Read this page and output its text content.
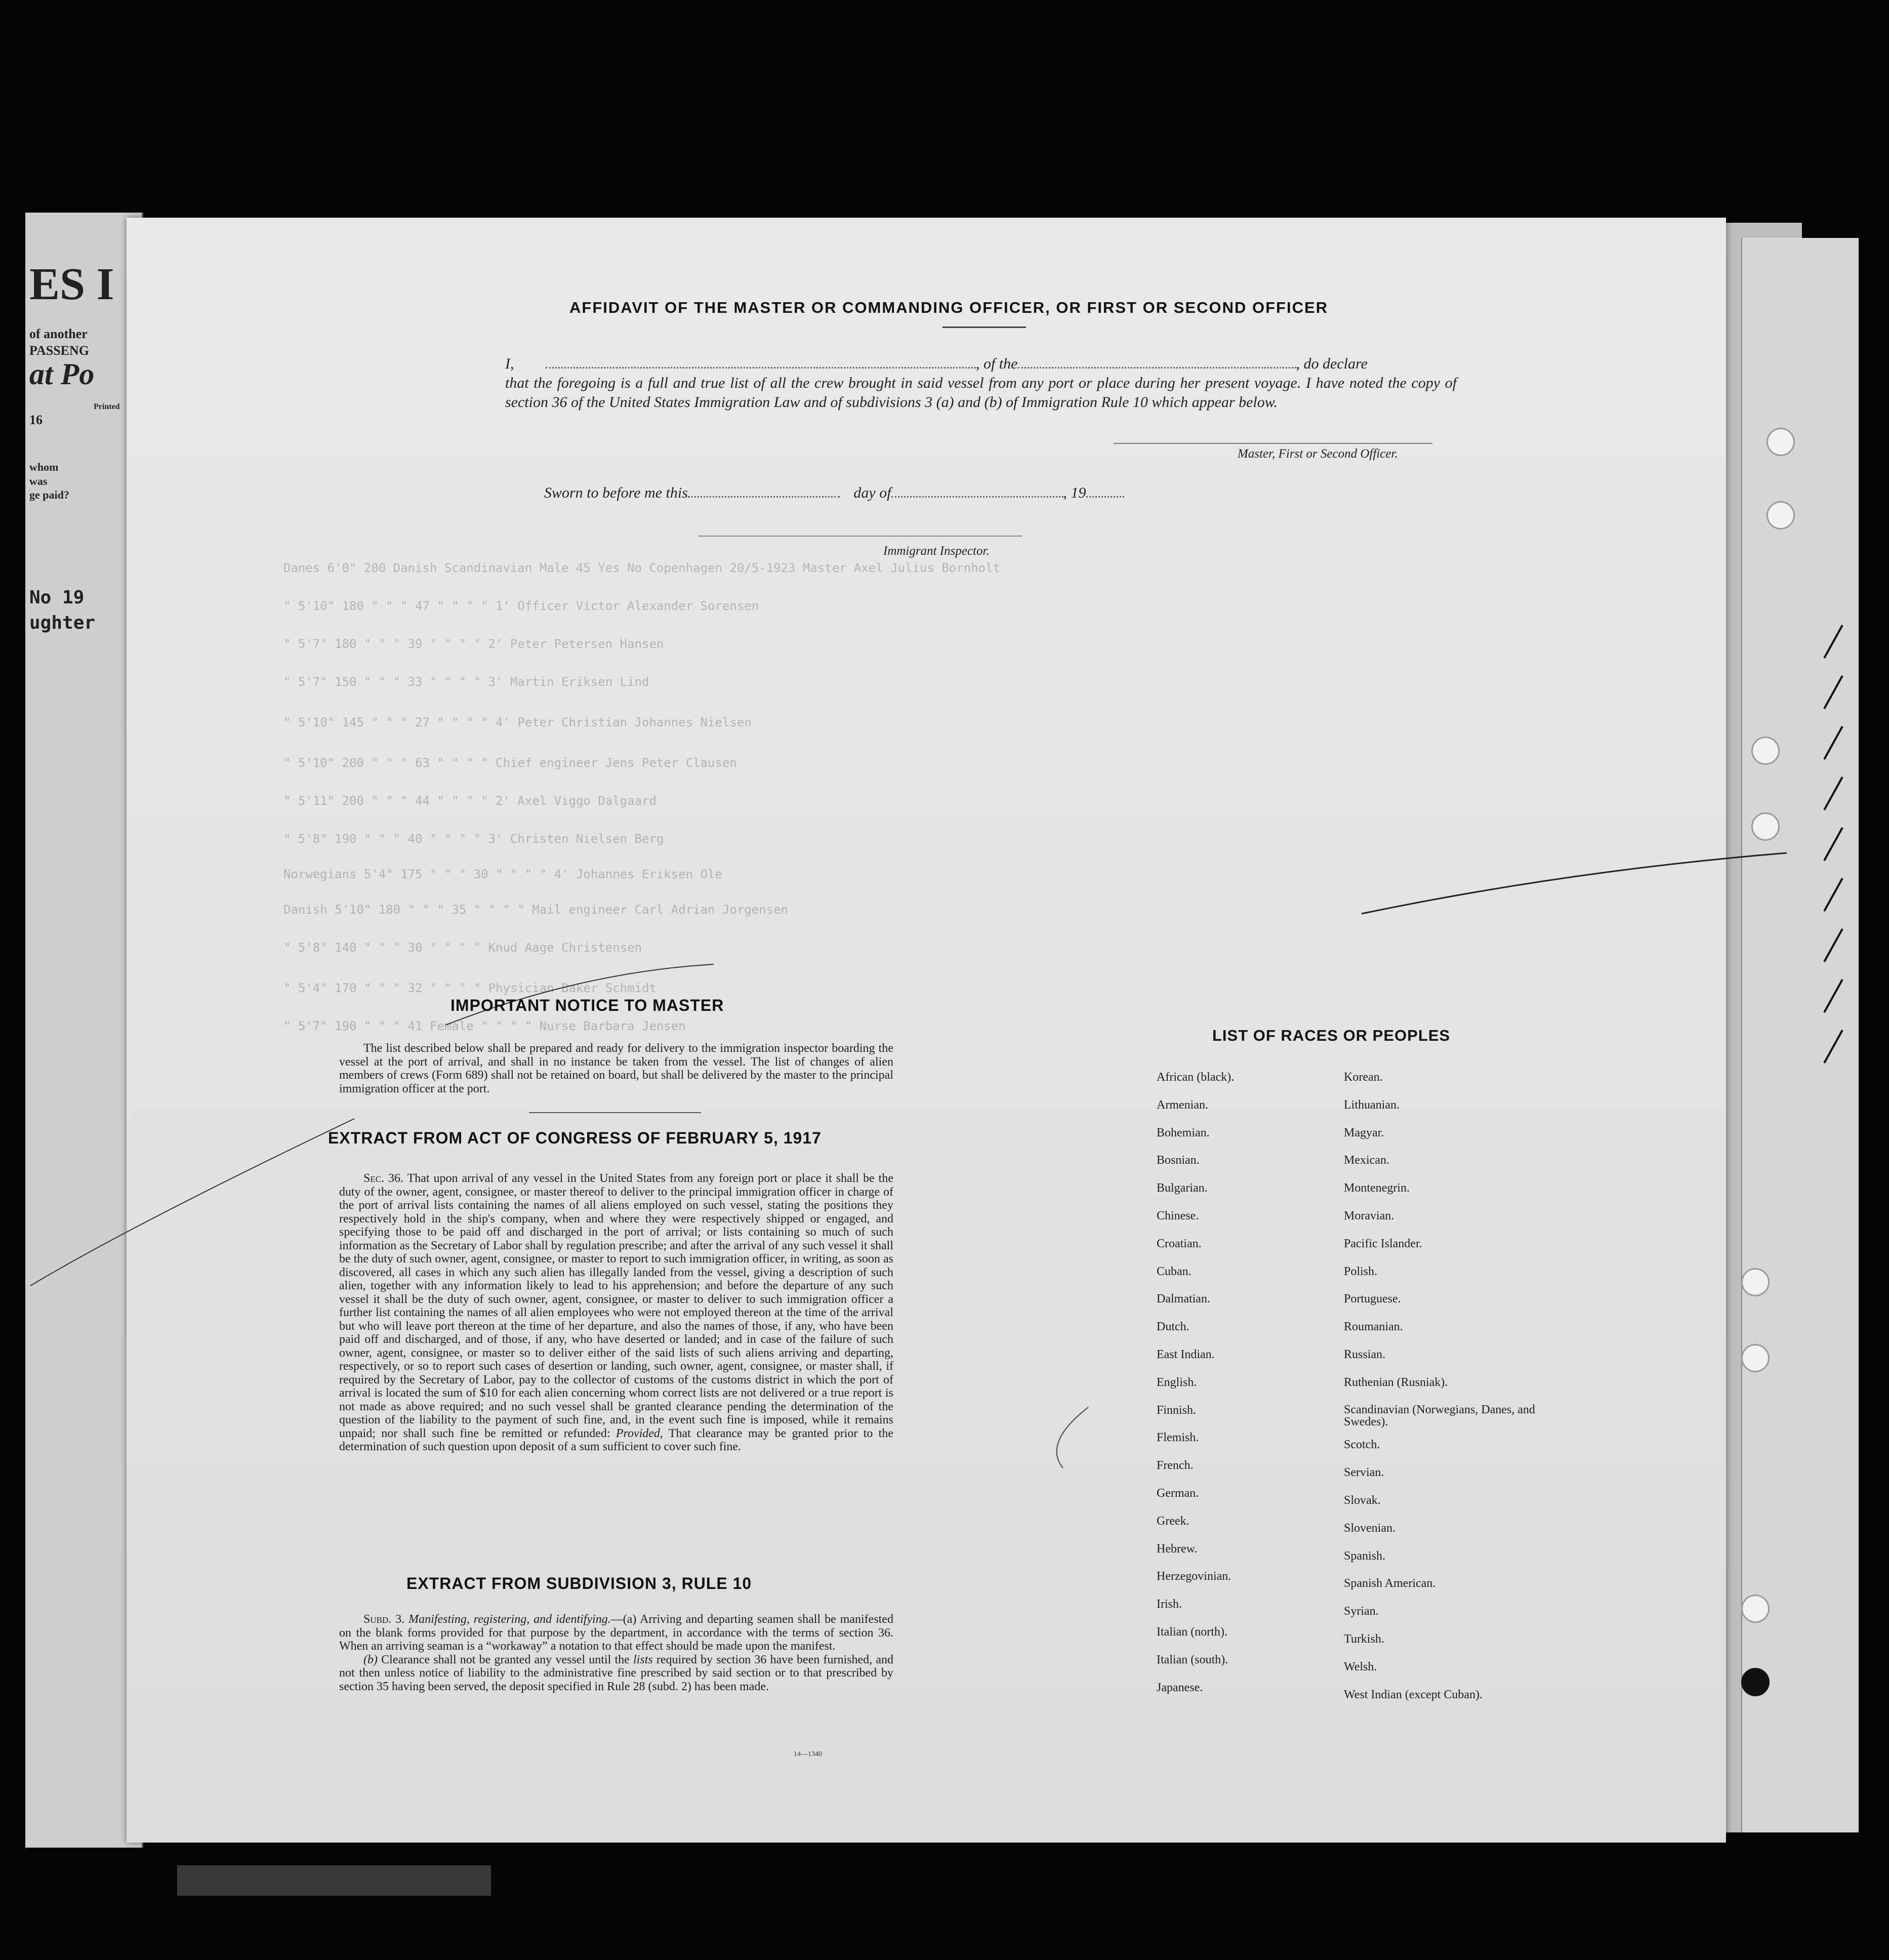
ES I
of another
PASSENG
at Po
16
Printed
whom
was
ge paid?
No 19
ughter
AFFIDAVIT OF THE MASTER OR COMMANDING OFFICER, OR FIRST OR SECOND OFFICER
I,	, of the	, do declare
that the foregoing is a full and true list of all the crew brought in said vessel from any port or place during her present voyage. I have noted the copy of section 36 of the United States Immigration Law and of subdivisions 3 (a) and (b) of Immigration Rule 10 which appear below.
Master, First or Second Officer.
Sworn to before me this	day of	, 19
Immigrant Inspector.
Danes 6'0" 200 Danish Scandinavian Male 45 Yes No Copenhagen 20/5-1923 Master Axel Julius Bornholt
" 5'10" 180 " " " 47 " " " " 1' Officer Victor Alexander Sorensen
" 5'7" 180 " " " 39 " " " " 2' Peter Petersen Hansen
" 5'7" 150 " " " 33 " " " " 3' Martin Eriksen Lind
" 5'10" 145 " " " 27 " " " " 4' Peter Christian Johannes Nielsen
" 5'10" 200 " " " 63 " " " " Chief engineer Jens Peter Clausen
" 5'11" 200 " " " 44 " " " " 2' Axel Viggo Dalgaard
" 5'8" 190 " " " 40 " " " " 3' Christen Nielsen Berg
Norwegians 5'4" 175 " " " 30 " " " " 4' Johannes Eriksen Ole
Danish 5'10" 180 " " " 35 " " " " Mail engineer Carl Adrian Jorgensen
" 5'8" 140 " " " 30 " " " " Knud Aage Christensen
" 5'4" 170 " " " 32 " " " " Physician Baker Schmidt
" 5'7" 190 " " " 41 Female " " " " Nurse Barbara Jensen
IMPORTANT NOTICE TO MASTER
The list described below shall be prepared and ready for delivery to the immigration inspector boarding the vessel at the port of arrival, and shall in no instance be taken from the vessel. The list of changes of alien members of crews (Form 689) shall not be retained on board, but shall be delivered by the master to the principal immigration officer at the port.
EXTRACT FROM ACT OF CONGRESS OF FEBRUARY 5, 1917

Sec. 36. That upon arrival of any vessel in the United States from any foreign port or place it shall be the duty of the owner, agent, consignee, or master thereof to deliver to the principal immigration officer in charge of the port of arrival lists containing the names of all aliens employed on such vessel, stating the positions they respectively hold in the ship's company, when and where they were respectively shipped or engaged, and specifying those to be paid off and discharged in the port of arrival; or lists containing so much of such information as the Secretary of Labor shall by regulation prescribe; and after the arrival of any such vessel it shall be the duty of such owner, agent, consignee, or master to report to such immigration officer, in writing, as soon as discovered, all cases in which any such alien has illegally landed from the vessel, giving a description of such alien, together with any information likely to lead to his apprehension; and before the departure of any such vessel it shall be the duty of such owner, agent, consignee, or master to deliver to such immigration officer a further list containing the names of all alien employees who were not employed thereon at the time of the arrival but who will leave port thereon at the time of her departure, and also the names of those, if any, who have been paid off and discharged, and of those, if any, who have deserted or landed; and in case of the failure of such owner, agent, consignee, or master so to deliver either of the said lists of such aliens arriving and departing, respectively, or so to report such cases of desertion or landing, such owner, agent, consignee, or master shall, if required by the Secretary of Labor, pay to the collector of customs of the customs district in which the port of arrival is located the sum of $10 for each alien concerning whom correct lists are not delivered or a true report is not made as above required; and no such vessel shall be granted clearance pending the determination of the question of the liability to the payment of such fine, and, in the event such fine is imposed, while it remains unpaid; nor shall such fine be remitted or refunded: Provided, That clearance may be granted prior to the determination of such question upon deposit of a sum sufficient to cover such fine.

EXTRACT FROM SUBDIVISION 3, RULE 10

Subd. 3. Manifesting, registering, and identifying.—(a) Arriving and departing seamen shall be manifested on the blank forms provided for that purpose by the department, in accordance with the terms of section 36. When an arriving seaman is a “workaway” a notation to that effect should be made upon the manifest.

(b) Clearance shall not be granted any vessel until the lists required by section 36 have been furnished, and not then unless notice of liability to the administrative fine prescribed by said section or to that prescribed by section 35 having been served, the deposit specified in Rule 28 (subd. 2) has been made.

14—1340
LIST OF RACES OR PEOPLES
African (black).
Armenian.
Bohemian.
Bosnian.
Bulgarian.
Chinese.
Croatian.
Cuban.
Dalmatian.
Dutch.
East Indian.
English.
Finnish.
Flemish.
French.
German.
Greek.
Hebrew.
Herzegovinian.
Irish.
Italian (north).
Italian (south).
Japanese.
Korean.
Lithuanian.
Magyar.
Mexican.
Montenegrin.
Moravian.
Pacific Islander.
Polish.
Portuguese.
Roumanian.
Russian.
Ruthenian (Rusniak).
Scandinavian (Norwegians, Danes, and Swedes).
Scotch.
Servian.
Slovak.
Slovenian.
Spanish.
Spanish American.
Syrian.
Turkish.
Welsh.
West Indian (except Cuban).
